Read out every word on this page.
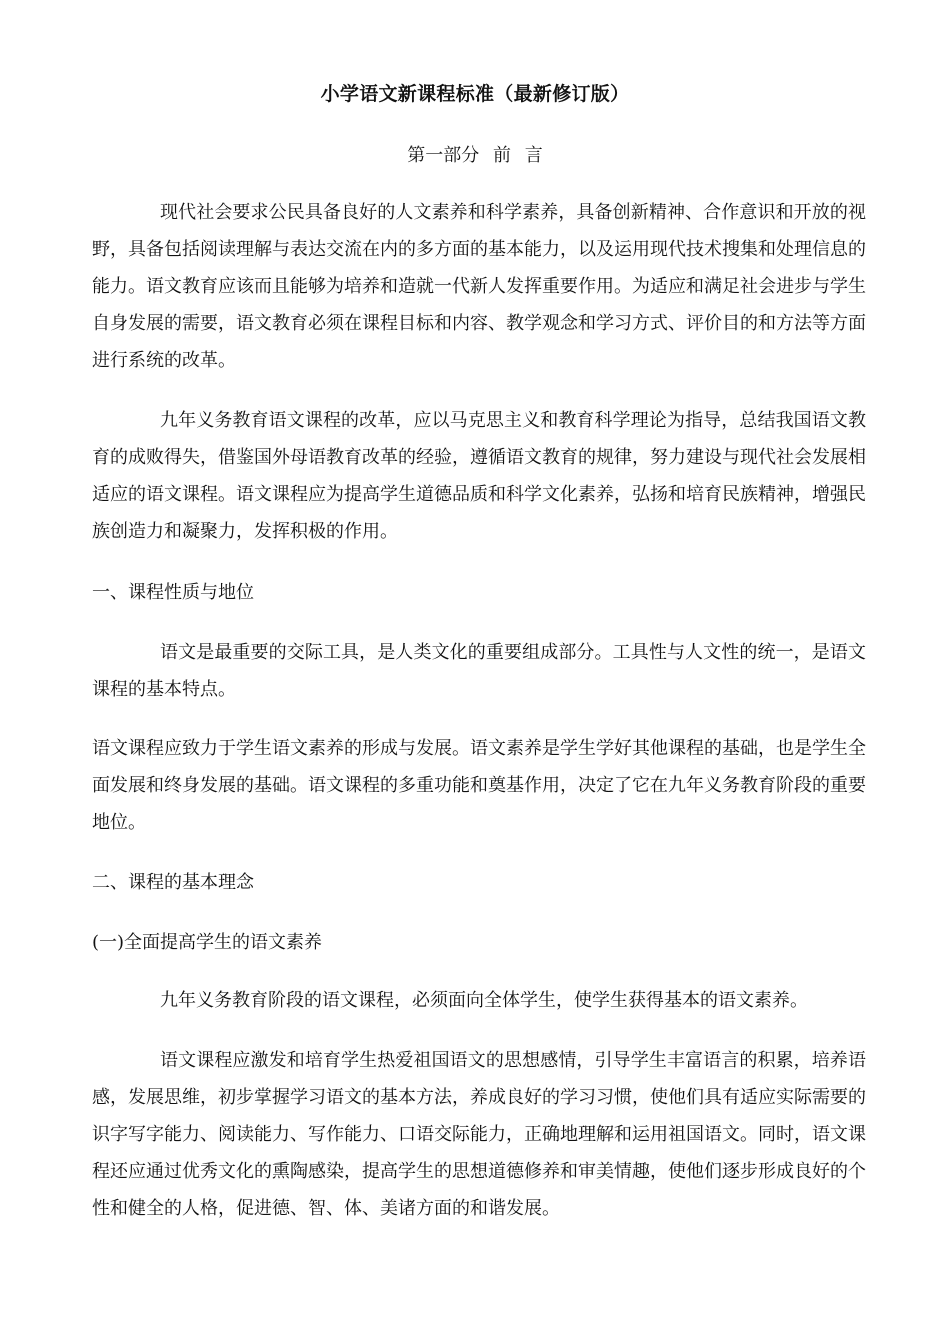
小学语文新课程标准（最新修订版）
第一部分 前 言

现代社会要求公民具备良好的人文素养和科学素养，具备创新精神、合作意识和开放的视野，具备包括阅读理解与表达交流在内的多方面的基本能力，以及运用现代技术搜集和处理信息的能力。语文教育应该而且能够为培养和造就一代新人发挥重要作用。为适应和满足社会进步与学生自身发展的需要，语文教育必须在课程目标和内容、教学观念和学习方式、评价目的和方法等方面进行系统的改革。

九年义务教育语文课程的改革，应以马克思主义和教育科学理论为指导，总结我国语文教育的成败得失，借鉴国外母语教育改革的经验，遵循语文教育的规律，努力建设与现代社会发展相适应的语文课程。语文课程应为提高学生道德品质和科学文化素养，弘扬和培育民族精神，增强民族创造力和凝聚力，发挥积极的作用。

一、课程性质与地位

语文是最重要的交际工具，是人类文化的重要组成部分。工具性与人文性的统一，是语文课程的基本特点。

语文课程应致力于学生语文素养的形成与发展。语文素养是学生学好其他课程的基础，也是学生全面发展和终身发展的基础。语文课程的多重功能和奠基作用，决定了它在九年义务教育阶段的重要地位。

二、课程的基本理念

(一)全面提高学生的语文素养

九年义务教育阶段的语文课程，必须面向全体学生，使学生获得基本的语文素养。

语文课程应激发和培育学生热爱祖国语文的思想感情，引导学生丰富语言的积累，培养语感，发展思维，初步掌握学习语文的基本方法，养成良好的学习习惯，使他们具有适应实际需要的识字写字能力、阅读能力、写作能力、口语交际能力，正确地理解和运用祖国语文。同时，语文课程还应通过优秀文化的熏陶感染，提高学生的思想道德修养和审美情趣，使他们逐步形成良好的个性和健全的人格，促进德、智、体、美诸方面的和谐发展。
